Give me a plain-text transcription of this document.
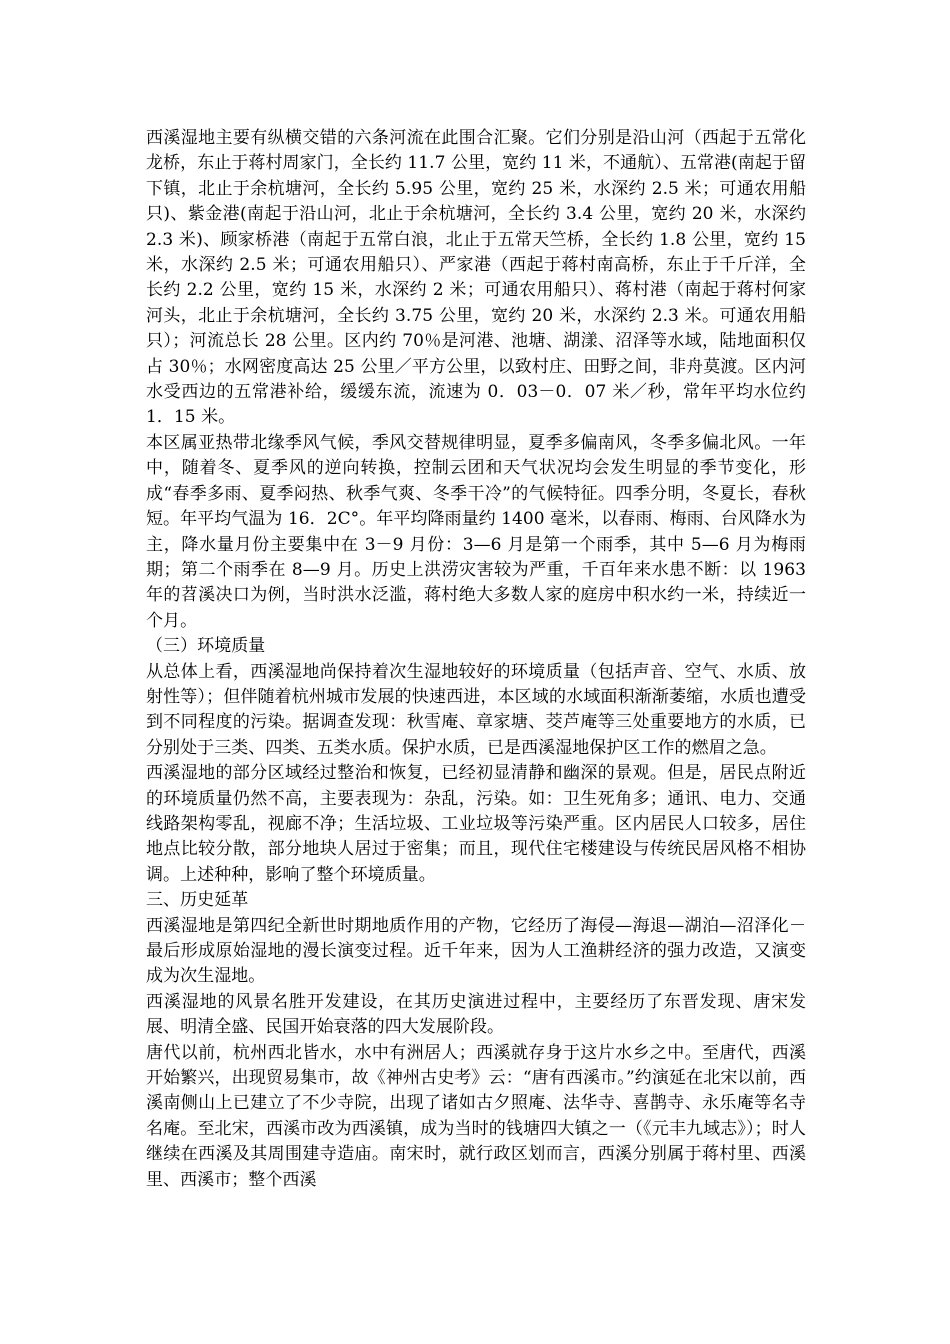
西溪湿地主要有纵横交错的六条河流在此围合汇聚。它们分别是沿山河（西起于五常化龙桥，东止于蒋村周家门，全长约 11.7 公里，宽约 11 米，不通航）、五常港(南起于留下镇，北止于余杭塘河，全长约 5.95 公里，宽约 25 米，水深约 2.5 米；可通农用船只)、紫金港(南起于沿山河，北止于余杭塘河，全长约 3.4 公里，宽约 20 米，水深约 2.3 米)、顾家桥港（南起于五常白浪，北止于五常天竺桥，全长约 1.8 公里，宽约 15 米，水深约 2.5 米；可通农用船只）、严家港（西起于蒋村南高桥，东止于千斤洋，全长约 2.2 公里，宽约 15 米，水深约 2 米；可通农用船只）、蒋村港（南起于蒋村何家河头，北止于余杭塘河，全长约 3.75 公里，宽约 20 米，水深约 2.3 米。可通农用船只）；河流总长 28 公里。区内约 70％是河港、池塘、湖漾、沼泽等水域，陆地面积仅占 30％；水网密度高达 25 公里／平方公里，以致村庄、田野之间，非舟莫渡。区内河水受西边的五常港补给，缓缓东流，流速为 0．03－0．07 米／秒，常年平均水位约 1．15 米。

本区属亚热带北缘季风气候，季风交替规律明显，夏季多偏南风，冬季多偏北风。一年中，随着冬、夏季风的逆向转换，控制云团和天气状况均会发生明显的季节变化，形成“春季多雨、夏季闷热、秋季气爽、冬季干冷”的气候特征。四季分明，冬夏长，春秋短。年平均气温为 16．2C°。年平均降雨量约 1400 毫米，以春雨、梅雨、台风降水为主，降水量月份主要集中在 3－9 月份：3—6 月是第一个雨季，其中 5—6 月为梅雨期；第二个雨季在 8—9 月。历史上洪涝灾害较为严重，千百年来水患不断：以 1963 年的苕溪决口为例，当时洪水泛滥，蒋村绝大多数人家的庭房中积水约一米，持续近一个月。

（三）环境质量

从总体上看，西溪湿地尚保持着次生湿地较好的环境质量（包括声音、空气、水质、放射性等）；但伴随着杭州城市发展的快速西进，本区域的水域面积渐渐萎缩，水质也遭受到不同程度的污染。据调查发现：秋雪庵、章家塘、茭芦庵等三处重要地方的水质，已分别处于三类、四类、五类水质。保护水质，已是西溪湿地保护区工作的燃眉之急。

西溪湿地的部分区域经过整治和恢复，已经初显清静和幽深的景观。但是，居民点附近的环境质量仍然不高，主要表现为：杂乱，污染。如：卫生死角多；通讯、电力、交通线路架构零乱，视廊不净；生活垃圾、工业垃圾等污染严重。区内居民人口较多，居住地点比较分散，部分地块人居过于密集；而且，现代住宅楼建设与传统民居风格不相协调。上述种种，影响了整个环境质量。

三、历史延革

西溪湿地是第四纪全新世时期地质作用的产物，它经历了海侵—海退—湖泊—沼泽化－最后形成原始湿地的漫长演变过程。近千年来，因为人工渔耕经济的强力改造，又演变成为次生湿地。

西溪湿地的风景名胜开发建设，在其历史演进过程中，主要经历了东晋发现、唐宋发展、明清全盛、民国开始衰落的四大发展阶段。

唐代以前，杭州西北皆水，水中有洲居人；西溪就存身于这片水乡之中。至唐代，西溪开始繁兴，出现贸易集市，故《神州古史考》云：“唐有西溪市。”约演延在北宋以前，西溪南侧山上已建立了不少寺院，出现了诸如古夕照庵、法华寺、喜鹊寺、永乐庵等名寺名庵。至北宋，西溪市改为西溪镇，成为当时的钱塘四大镇之一（《元丰九域志》）；时人继续在西溪及其周围建寺造庙。南宋时，就行政区划而言，西溪分别属于蒋村里、西溪里、西溪市；整个西溪
